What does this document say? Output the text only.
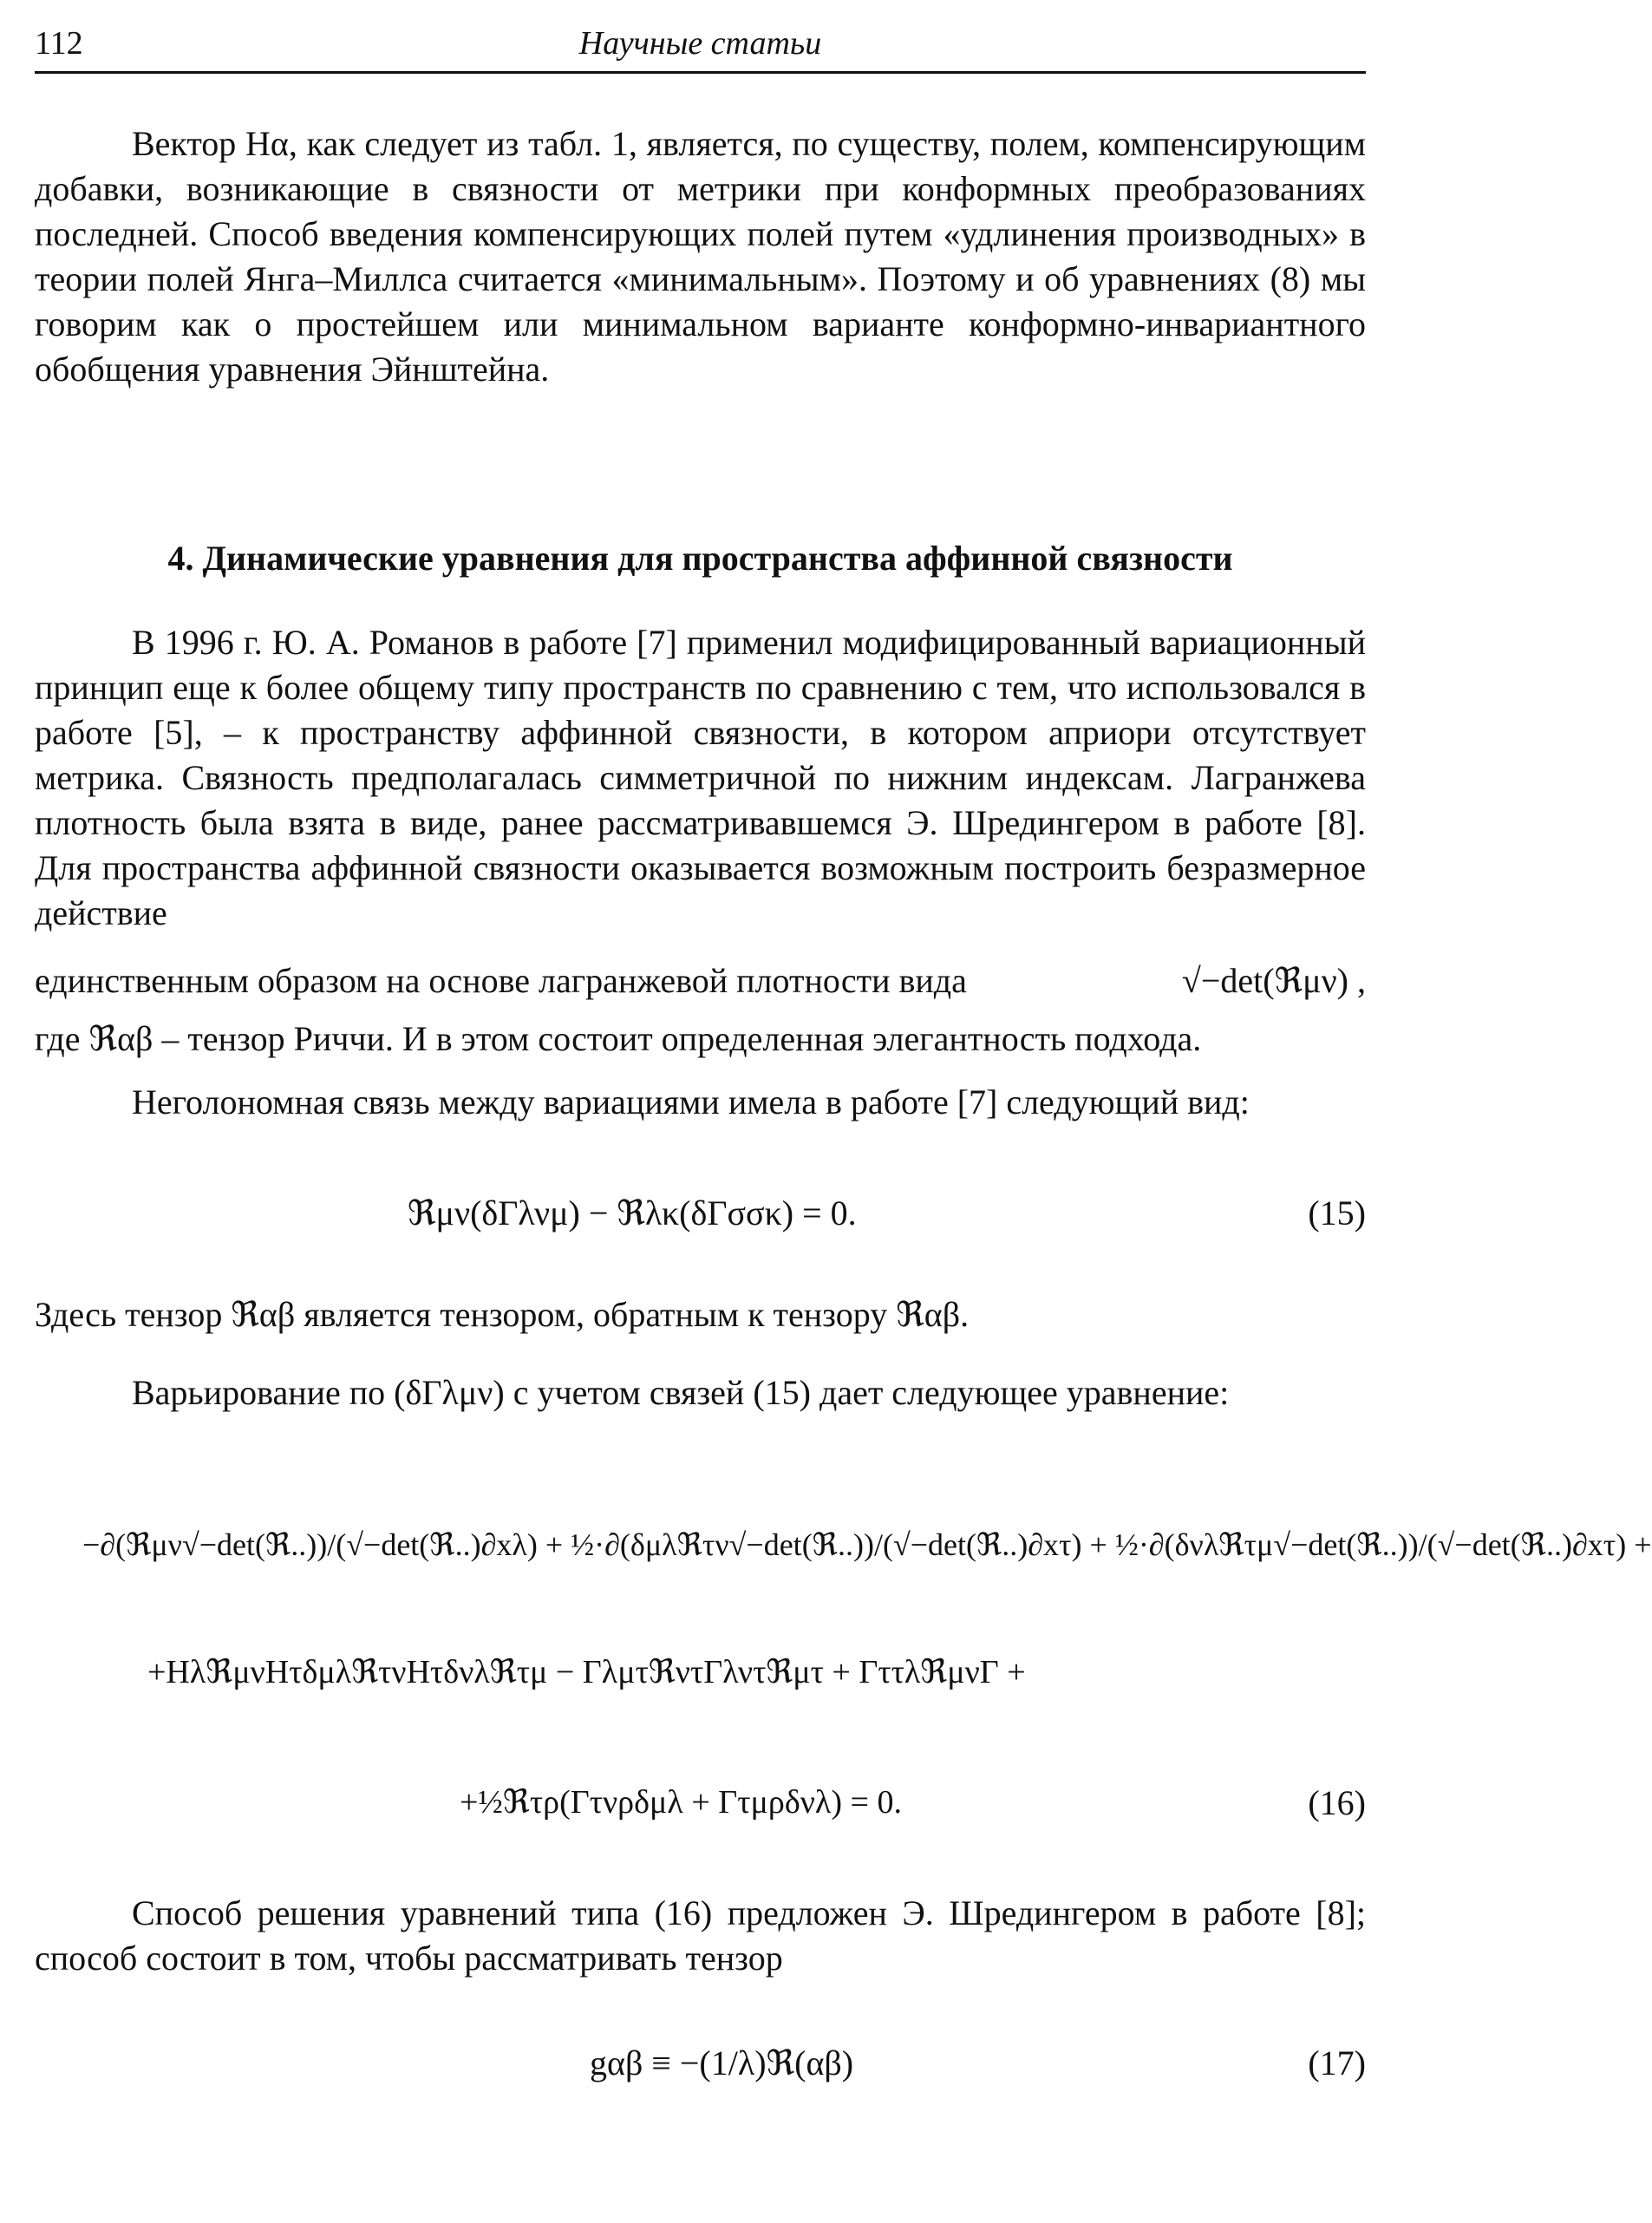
112	Научные статьи
Вектор Hα, как следует из табл. 1, является, по существу, полем, компенсирующим добавки, возникающие в связности от метрики при конформных преобразованиях последней. Способ введения компенсирующих полей путем «удлинения производных» в теории полей Янга–Миллса считается «минимальным». Поэтому и об уравнениях (8) мы говорим как о простейшем или минимальном варианте конформно-инвариантного обобщения уравнения Эйнштейна.
4. Динамические уравнения для пространства аффинной связности
В 1996 г. Ю. А. Романов в работе [7] применил модифицированный вариационный принцип еще к более общему типу пространств по сравнению с тем, что использовался в работе [5], – к пространству аффинной связности, в котором априори отсутствует метрика. Связность предполагалась симметричной по нижним индексам. Лагранжева плотность была взята в виде, ранее рассматривавшемся Э. Шредингером в работе [8]. Для пространства аффинной связности оказывается возможным построить безразмерное действие
единственным образом на основе лагранжевой плотности вида	√−det(ℜμν) ,
где ℜαβ – тензор Риччи. И в этом состоит определенная элегантность подхода.
Неголономная связь между вариациями имела в работе [7] следующий вид:
ℜμν(δΓλνμ) − ℜλκ(δΓσσκ) = 0.	(15)
Здесь тензор ℜαβ является тензором, обратным к тензору ℜαβ.
Варьирование по (δΓλμν) с учетом связей (15) дает следующее уравнение:
−∂(ℜμν√−det(ℜ..))/(√−det(ℜ..)∂xλ) + ½·∂(δμλℜτν√−det(ℜ..))/(√−det(ℜ..)∂xτ) + ½·∂(δνλℜτμ√−det(ℜ..))/(√−det(ℜ..)∂xτ) +
+HλℜμνHτδμλℜτνHτδνλℜτμ − ΓλμτℜντΓλντℜμτ + ΓττλℜμνΓ +
+½ℜτρ(Γτνρδμλ + Γτμρδνλ) = 0.	(16)
Способ решения уравнений типа (16) предложен Э. Шредингером в работе [8]; способ состоит в том, чтобы рассматривать тензор
gαβ ≡ −(1/λ)ℜ(αβ)	(17)
